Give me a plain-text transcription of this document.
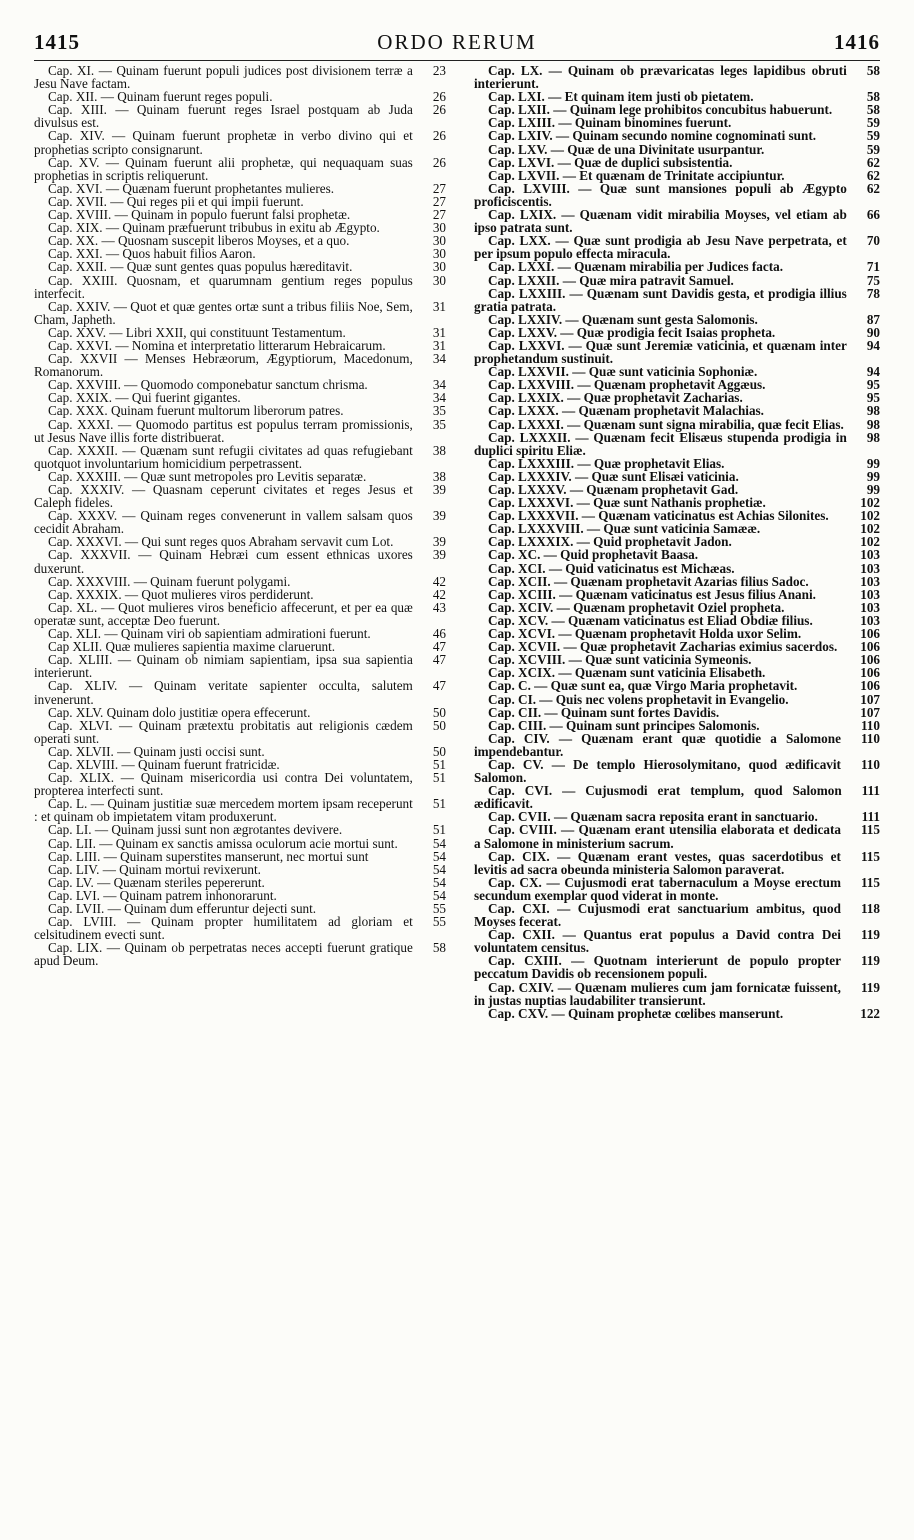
1415	ORDO RERUM	1416

23
Cap. XI. — Quinam fuerunt populi judices post divisionem terræ a Jesu Nave factam.

26
Cap. XII. — Quinam fuerunt reges populi.

26
Cap. XIII. — Quinam fuerunt reges Israel postquam ab Juda divulsus est.

26
Cap. XIV. — Quinam fuerunt prophetæ in verbo divino qui et prophetias scripto consignarunt.

26
Cap. XV. — Quinam fuerunt alii prophetæ, qui nequaquam suas prophetias in scriptis reliquerunt.

27
Cap. XVI. — Quænam fuerunt prophetantes mulieres.

27
Cap. XVII. — Qui reges pii et qui impii fuerunt.

27
Cap. XVIII. — Quinam in populo fuerunt falsi prophetæ.

30
Cap. XIX. — Quinam præfuerunt tribubus in exitu ab Ægypto.

30
Cap. XX. — Quosnam suscepit liberos Moyses, et a quo.

30
Cap. XXI. — Quos habuit filios Aaron.

30
Cap. XXII. — Quæ sunt gentes quas populus hæreditavit.

30
Cap. XXIII. Quosnam, et quarumnam gentium reges populus interfecit.

31
Cap. XXIV. — Quot et quæ gentes ortæ sunt a tribus filiis Noe, Sem, Cham, Japheth.

31
Cap. XXV. — Libri XXII, qui constituunt Testamentum.

31
Cap. XXVI. — Nomina et interpretatio litterarum Hebraicarum.

34
Cap. XXVII — Menses Hebræorum, Ægyptiorum, Macedonum, Romanorum.

34
Cap. XXVIII. — Quomodo componebatur sanctum chrisma.

34
Cap. XXIX. — Qui fuerint gigantes.

35
Cap. XXX. Quinam fuerunt multorum liberorum patres.

35
Cap. XXXI. — Quomodo partitus est populus terram promissionis, ut Jesus Nave illis forte distribuerat.

38
Cap. XXXII. — Quænam sunt refugii civitates ad quas refugiebant quotquot involuntarium homicidium perpetrassent.

38
Cap. XXXIII. — Quæ sunt metropoles pro Levitis separatæ.

39
Cap. XXXIV. — Quasnam ceperunt civitates et reges Jesus et Caleph fideles.

39
Cap. XXXV. — Quinam reges convenerunt in vallem salsam quos cecidit Abraham.

39
Cap. XXXVI. — Qui sunt reges quos Abraham servavit cum Lot.

39
Cap. XXXVII. — Quinam Hebræi cum essent ethnicas uxores duxerunt.

42
Cap. XXXVIII. — Quinam fuerunt polygami.

42
Cap. XXXIX. — Quot mulieres viros perdiderunt.

43
Cap. XL. — Quot mulieres viros beneficio affecerunt, et per ea quæ operatæ sunt, acceptæ Deo fuerunt.

46
Cap. XLI. — Quinam viri ob sapientiam admirationi fuerunt.

47
Cap XLII. Quæ mulieres sapientia maxime claruerunt.

47
Cap. XLIII. — Quinam ob nimiam sapientiam, ipsa sua sapientia interierunt.

47
Cap. XLIV. — Quinam veritate sapienter occulta, salutem invenerunt.

50
Cap. XLV. Quinam dolo justitiæ opera effecerunt.

50
Cap. XLVI. — Quinam prætextu probitatis aut religionis cædem operati sunt.

50
Cap. XLVII. — Quinam justi occisi sunt.

51
Cap. XLVIII. — Quinam fuerunt fratricidæ.

51
Cap. XLIX. — Quinam misericordia usi contra Dei voluntatem, propterea interfecti sunt.

51
Cap. L. — Quinam justitiæ suæ mercedem mortem ipsam receperunt : et quinam ob impietatem vitam produxerunt.

51
Cap. LI. — Quinam jussi sunt non ægrotantes devivere.

54
Cap. LII. — Quinam ex sanctis amissa oculorum acie mortui sunt.

54
Cap. LIII. — Quinam superstites manserunt, nec mortui sunt

54
Cap. LIV. — Quinam mortui revixerunt.

54
Cap. LV. — Quænam steriles pepererunt.

54
Cap. LVI. — Quinam patrem inhonorarunt.

55
Cap. LVII. — Quinam dum efferuntur dejecti sunt.

55
Cap. LVIII. — Quinam propter humilitatem ad gloriam et celsitudinem evecti sunt.

58
Cap. LIX. — Quinam ob perpetratas neces accepti fuerunt gratique apud Deum.

58
Cap. LX. — Quinam ob prævaricatas leges lapidibus obruti interierunt.

58
Cap. LXI. — Et quinam item justi ob pietatem.

58
Cap. LXII. — Quinam lege prohibitos concubitus habuerunt.

59
Cap. LXIII. — Quinam binomines fuerunt.

59
Cap. LXIV. — Quinam secundo nomine cognominati sunt.

59
Cap. LXV. — Quæ de una Divinitate usurpantur.

62
Cap. LXVI. — Quæ de duplici subsistentia.

62
Cap. LXVII. — Et quænam de Trinitate accipiuntur.

62
Cap. LXVIII. — Quæ sunt mansiones populi ab Ægypto proficiscentis.

66
Cap. LXIX. — Quænam vidit mirabilia Moyses, vel etiam ab ipso patrata sunt.

70
Cap. LXX. — Quæ sunt prodigia ab Jesu Nave perpetrata, et per ipsum populo effecta miracula.

71
Cap. LXXI. — Quænam mirabilia per Judices facta.

75
Cap. LXXII. — Quæ mira patravit Samuel.

78
Cap. LXXIII. — Quænam sunt Davidis gesta, et prodigia illius gratia patrata.

87
Cap. LXXIV. — Quænam sunt gesta Salomonis.

90
Cap. LXXV. — Quæ prodigia fecit Isaias propheta.

94
Cap. LXXVI. — Quæ sunt Jeremiæ vaticinia, et quænam inter prophetandum sustinuit.

94
Cap. LXXVII. — Quæ sunt vaticinia Sophoniæ.

95
Cap. LXXVIII. — Quænam prophetavit Aggæus.

95
Cap. LXXIX. — Quæ prophetavit Zacharias.

98
Cap. LXXX. — Quænam prophetavit Malachias.

98
Cap. LXXXI. — Quænam sunt signa mirabilia, quæ fecit Elias.

98
Cap. LXXXII. — Quænam fecit Elisæus stupenda prodigia in duplici spiritu Eliæ.

99
Cap. LXXXIII. — Quæ prophetavit Elias.

99
Cap. LXXXIV. — Quæ sunt Elisæi vaticinia.

99
Cap. LXXXV. — Quænam prophetavit Gad.

102
Cap. LXXXVI. — Quæ sunt Nathanis prophetiæ.

102
Cap. LXXXVII. — Quænam vaticinatus est Achias Silonites.

102
Cap. LXXXVIII. — Quæ sunt vaticinia Samææ.

102
Cap. LXXXIX. — Quid prophetavit Jadon.

103
Cap. XC. — Quid prophetavit Baasa.

103
Cap. XCI. — Quid vaticinatus est Michæas.

103
Cap. XCII. — Quænam prophetavit Azarias filius Sadoc.

103
Cap. XCIII. — Quænam vaticinatus est Jesus filius Anani.

103
Cap. XCIV. — Quænam prophetavit Oziel propheta.

103
Cap. XCV. — Quænam vaticinatus est Eliad Obdiæ filius.

106
Cap. XCVI. — Quænam prophetavit Holda uxor Selim.

106
Cap. XCVII. — Quæ prophetavit Zacharias eximius sacerdos.

106
Cap. XCVIII. — Quæ sunt vaticinia Symeonis.

106
Cap. XCIX. — Quænam sunt vaticinia Elisabeth.

106
Cap. C. — Quæ sunt ea, quæ Virgo Maria prophetavit.

107
Cap. CI. — Quis nec volens prophetavit in Evangelio.

107
Cap. CII. — Quinam sunt fortes Davidis.

110
Cap. CIII. — Quinam sunt principes Salomonis.

110
Cap. CIV. — Quænam erant quæ quotidie a Salomone impendebantur.

110
Cap. CV. — De templo Hierosolymitano, quod ædificavit Salomon.

111
Cap. CVI. — Cujusmodi erat templum, quod Salomon ædificavit.

111
Cap. CVII. — Quænam sacra reposita erant in sanctuario.

115
Cap. CVIII. — Quænam erant utensilia elaborata et dedicata a Salomone in ministerium sacrum.

115
Cap. CIX. — Quænam erant vestes, quas sacerdotibus et levitis ad sacra obeunda ministeria Salomon paraverat.

115
Cap. CX. — Cujusmodi erat tabernaculum a Moyse erectum secundum exemplar quod viderat in monte.

118
Cap. CXI. — Cujusmodi erat sanctuarium ambitus, quod Moyses fecerat.

119
Cap. CXII. — Quantus erat populus a David contra Dei voluntatem censitus.

119
Cap. CXIII. — Quotnam interierunt de populo propter peccatum Davidis ob recensionem populi.

119
Cap. CXIV. — Quænam mulieres cum jam fornicatæ fuissent, in justas nuptias laudabiliter transierunt.

122
Cap. CXV. — Quinam prophetæ cœlibes manserunt.
